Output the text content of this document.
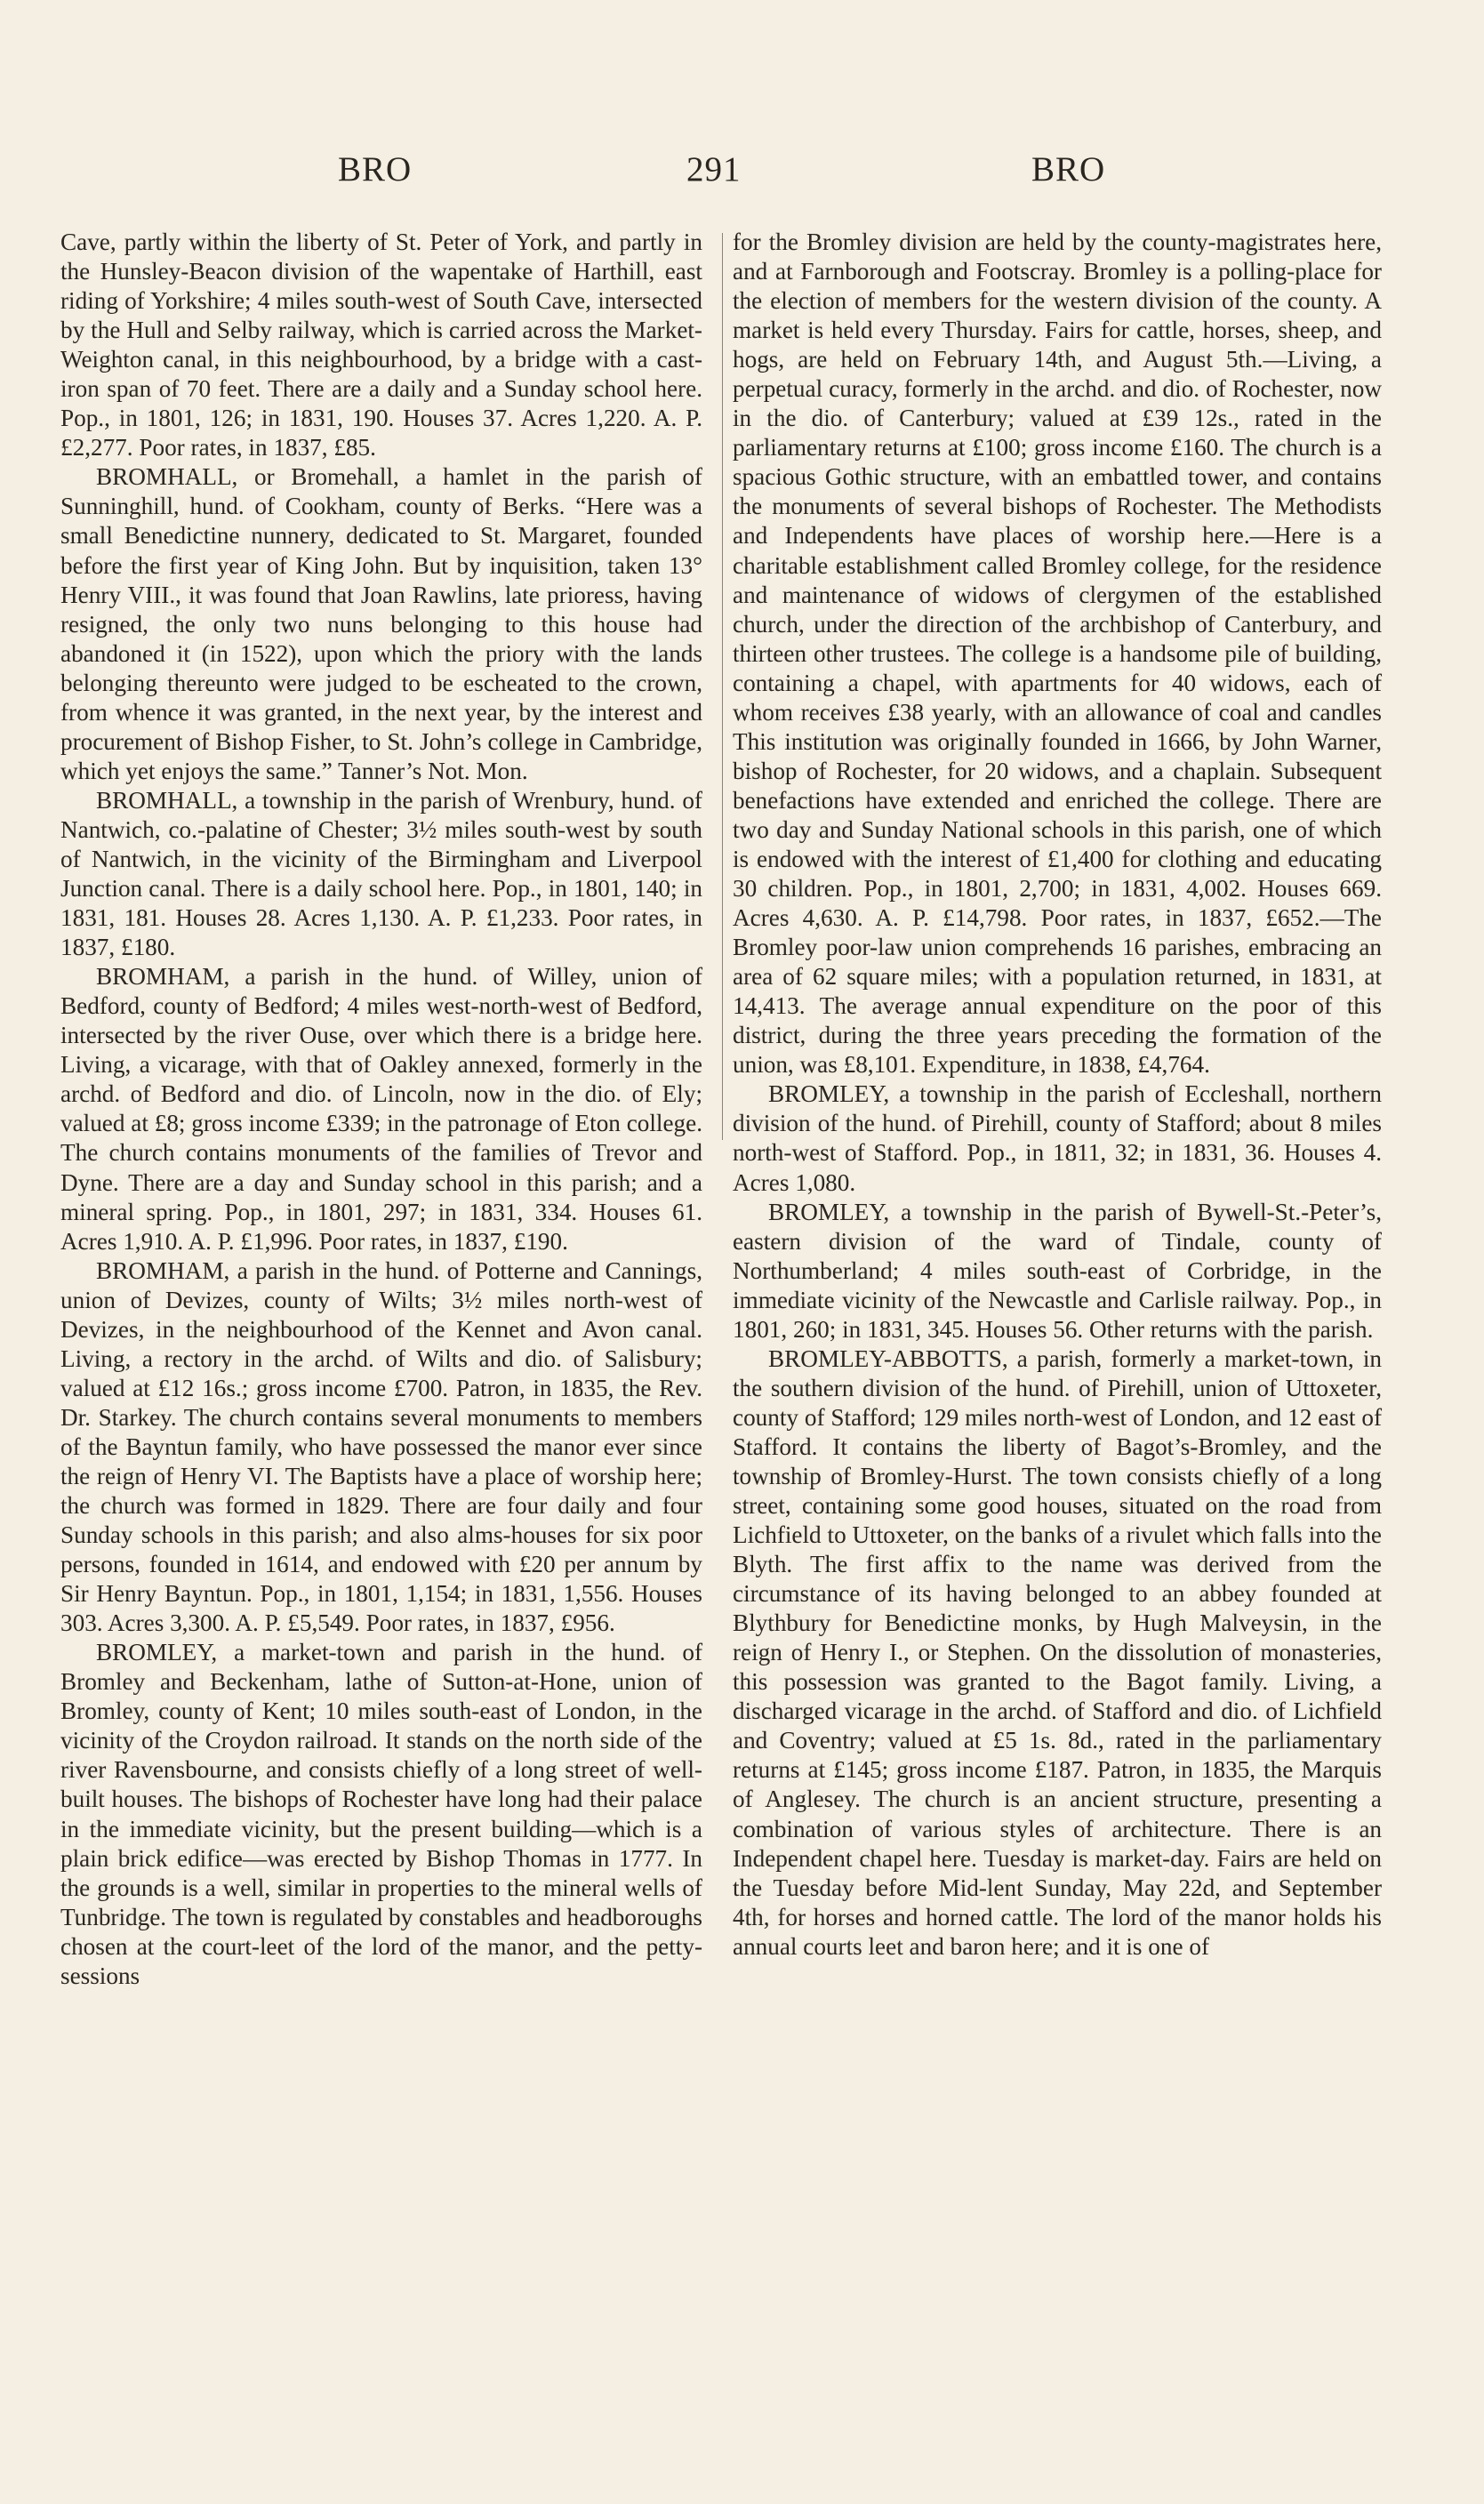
BRO	291	BRO

Cave, partly within the liberty of St. Peter of York, and partly in the Hunsley-Beacon division of the wapentake of Harthill, east riding of Yorkshire; 4 miles south-west of South Cave, intersected by the Hull and Selby railway, which is carried across the Market-Weighton canal, in this neighbourhood, by a bridge with a cast-iron span of 70 feet. There are a daily and a Sunday school here. Pop., in 1801, 126; in 1831, 190. Houses 37. Acres 1,220. A. P. £2,277. Poor rates, in 1837, £85.

BROMHALL, or Bromehall, a hamlet in the parish of Sunninghill, hund. of Cookham, county of Berks. “Here was a small Benedictine nunnery, dedicated to St. Margaret, founded before the first year of King John. But by inquisition, taken 13° Henry VIII., it was found that Joan Rawlins, late prioress, having resigned, the only two nuns belonging to this house had abandoned it (in 1522), upon which the priory with the lands belonging thereunto were judged to be escheated to the crown, from whence it was granted, in the next year, by the interest and procurement of Bishop Fisher, to St. John’s college in Cambridge, which yet enjoys the same.” Tanner’s Not. Mon.

BROMHALL, a township in the parish of Wrenbury, hund. of Nantwich, co.-palatine of Chester; 3½ miles south-west by south of Nantwich, in the vicinity of the Birmingham and Liverpool Junction canal. There is a daily school here. Pop., in 1801, 140; in 1831, 181. Houses 28. Acres 1,130. A. P. £1,233. Poor rates, in 1837, £180.

BROMHAM, a parish in the hund. of Willey, union of Bedford, county of Bedford; 4 miles west-north-west of Bedford, intersected by the river Ouse, over which there is a bridge here. Living, a vicarage, with that of Oakley annexed, formerly in the archd. of Bedford and dio. of Lincoln, now in the dio. of Ely; valued at £8; gross income £339; in the patronage of Eton college. The church contains monuments of the families of Trevor and Dyne. There are a day and Sunday school in this parish; and a mineral spring. Pop., in 1801, 297; in 1831, 334. Houses 61. Acres 1,910. A. P. £1,996. Poor rates, in 1837, £190.

BROMHAM, a parish in the hund. of Potterne and Cannings, union of Devizes, county of Wilts; 3½ miles north-west of Devizes, in the neighbourhood of the Kennet and Avon canal. Living, a rectory in the archd. of Wilts and dio. of Salisbury; valued at £12 16s.; gross income £700. Patron, in 1835, the Rev. Dr. Starkey. The church contains several monuments to members of the Bayntun family, who have possessed the manor ever since the reign of Henry VI. The Baptists have a place of worship here; the church was formed in 1829. There are four daily and four Sunday schools in this parish; and also alms-houses for six poor persons, founded in 1614, and endowed with £20 per annum by Sir Henry Bayntun. Pop., in 1801, 1,154; in 1831, 1,556. Houses 303. Acres 3,300. A. P. £5,549. Poor rates, in 1837, £956.

BROMLEY, a market-town and parish in the hund. of Bromley and Beckenham, lathe of Sutton-at-Hone, union of Bromley, county of Kent; 10 miles south-east of London, in the vicinity of the Croydon railroad. It stands on the north side of the river Ravensbourne, and consists chiefly of a long street of well-built houses. The bishops of Rochester have long had their palace in the immediate vicinity, but the present building—which is a plain brick edifice—was erected by Bishop Thomas in 1777. In the grounds is a well, similar in properties to the mineral wells of Tunbridge. The town is regulated by constables and headboroughs chosen at the court-leet of the lord of the manor, and the petty-sessions

for the Bromley division are held by the county-magistrates here, and at Farnborough and Footscray. Bromley is a polling-place for the election of members for the western division of the county. A market is held every Thursday. Fairs for cattle, horses, sheep, and hogs, are held on February 14th, and August 5th.—Living, a perpetual curacy, formerly in the archd. and dio. of Rochester, now in the dio. of Canterbury; valued at £39 12s., rated in the parliamentary returns at £100; gross income £160. The church is a spacious Gothic structure, with an embattled tower, and contains the monuments of several bishops of Rochester. The Methodists and Independents have places of worship here.—Here is a charitable establishment called Bromley college, for the residence and maintenance of widows of clergymen of the established church, under the direction of the archbishop of Canterbury, and thirteen other trustees. The college is a handsome pile of building, containing a chapel, with apartments for 40 widows, each of whom receives £38 yearly, with an allowance of coal and candles This institution was originally founded in 1666, by John Warner, bishop of Rochester, for 20 widows, and a chaplain. Subsequent benefactions have extended and enriched the college. There are two day and Sunday National schools in this parish, one of which is endowed with the interest of £1,400 for clothing and educating 30 children. Pop., in 1801, 2,700; in 1831, 4,002. Houses 669. Acres 4,630. A. P. £14,798. Poor rates, in 1837, £652.—The Bromley poor-law union comprehends 16 parishes, embracing an area of 62 square miles; with a population returned, in 1831, at 14,413. The average annual expenditure on the poor of this district, during the three years preceding the formation of the union, was £8,101. Expenditure, in 1838, £4,764.

BROMLEY, a township in the parish of Eccleshall, northern division of the hund. of Pirehill, county of Stafford; about 8 miles north-west of Stafford. Pop., in 1811, 32; in 1831, 36. Houses 4. Acres 1,080.

BROMLEY, a township in the parish of Bywell-St.-Peter’s, eastern division of the ward of Tindale, county of Northumberland; 4 miles south-east of Corbridge, in the immediate vicinity of the Newcastle and Carlisle railway. Pop., in 1801, 260; in 1831, 345. Houses 56. Other returns with the parish.

BROMLEY-ABBOTTS, a parish, formerly a market-town, in the southern division of the hund. of Pirehill, union of Uttoxeter, county of Stafford; 129 miles north-west of London, and 12 east of Stafford. It contains the liberty of Bagot’s-Bromley, and the township of Bromley-Hurst. The town consists chiefly of a long street, containing some good houses, situated on the road from Lichfield to Uttoxeter, on the banks of a rivulet which falls into the Blyth. The first affix to the name was derived from the circumstance of its having belonged to an abbey founded at Blythbury for Benedictine monks, by Hugh Malveysin, in the reign of Henry I., or Stephen. On the dissolution of monasteries, this possession was granted to the Bagot family. Living, a discharged vicarage in the archd. of Stafford and dio. of Lichfield and Coventry; valued at £5 1s. 8d., rated in the parliamentary returns at £145; gross income £187. Patron, in 1835, the Marquis of Anglesey. The church is an ancient structure, presenting a combination of various styles of architecture. There is an Independent chapel here. Tuesday is market-day. Fairs are held on the Tuesday before Mid-lent Sunday, May 22d, and September 4th, for horses and horned cattle. The lord of the manor holds his annual courts leet and baron here; and it is one of
